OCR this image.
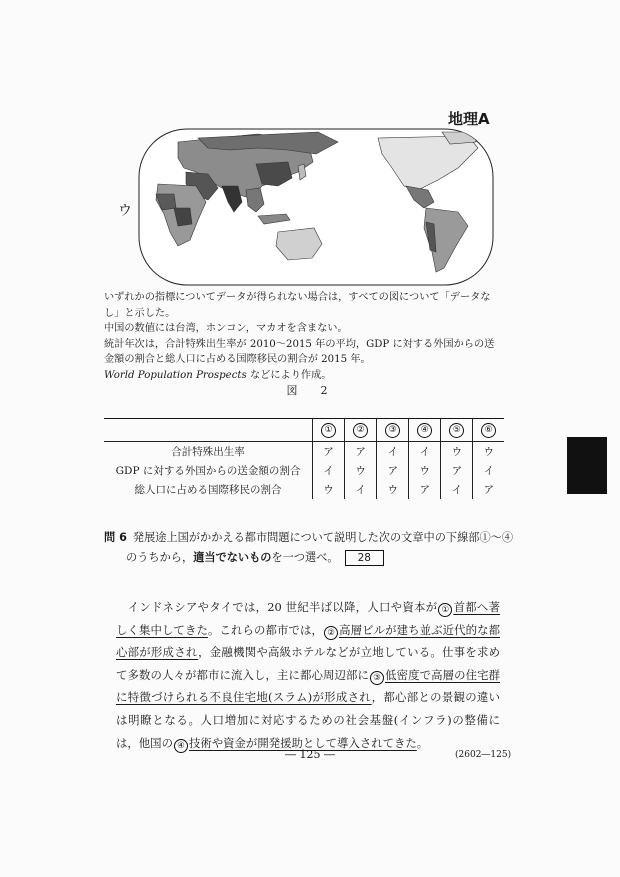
地理A
ウ

いずれかの指標についてデータが得られない場合は，すべての図について「データなし」と示した。

中国の数値には台湾，ホンコン，マカオを含まない。

統計年次は，合計特殊出生率が 2010～2015 年の平均，GDP に対する外国からの送金額の割合と総人口に占める国際移民の割合が 2015 年。

World Population Prospects などにより作成。

図　2
	①	②	③	④	⑤	⑥
合計特殊出生率	ア	ア	イ	イ	ウ	ウ
GDP に対する外国からの送金額の割合	イ	ウ	ア	ウ	ア	イ
総人口に占める国際移民の割合	ウ	イ	ウ	ア	イ	ア
問 6 発展途上国がかかえる都市問題について説明した次の文章中の下線部①～④
のうちから，適当でないものを一つ選べ。 28
　インドネシアやタイでは，20 世紀半ば以降，人口や資本が ① 首都へ著しく集中してきた。これらの都市では， ② 高層ビルが建ち並ぶ近代的な都心部が形成され，金融機関や高級ホテルなどが立地している。仕事を求めて多数の人々が都市に流入し，主に都心周辺部に ③ 低密度で高層の住宅群に特徴づけられる不良住宅地(スラム)が形成され，都心部との景観の違いは明瞭となる。人口増加に対応するための社会基盤(インフラ)の整備には，他国の ④ 技術や資金が開発援助として導入されてきた。
― 125 ―	(2602―125)
